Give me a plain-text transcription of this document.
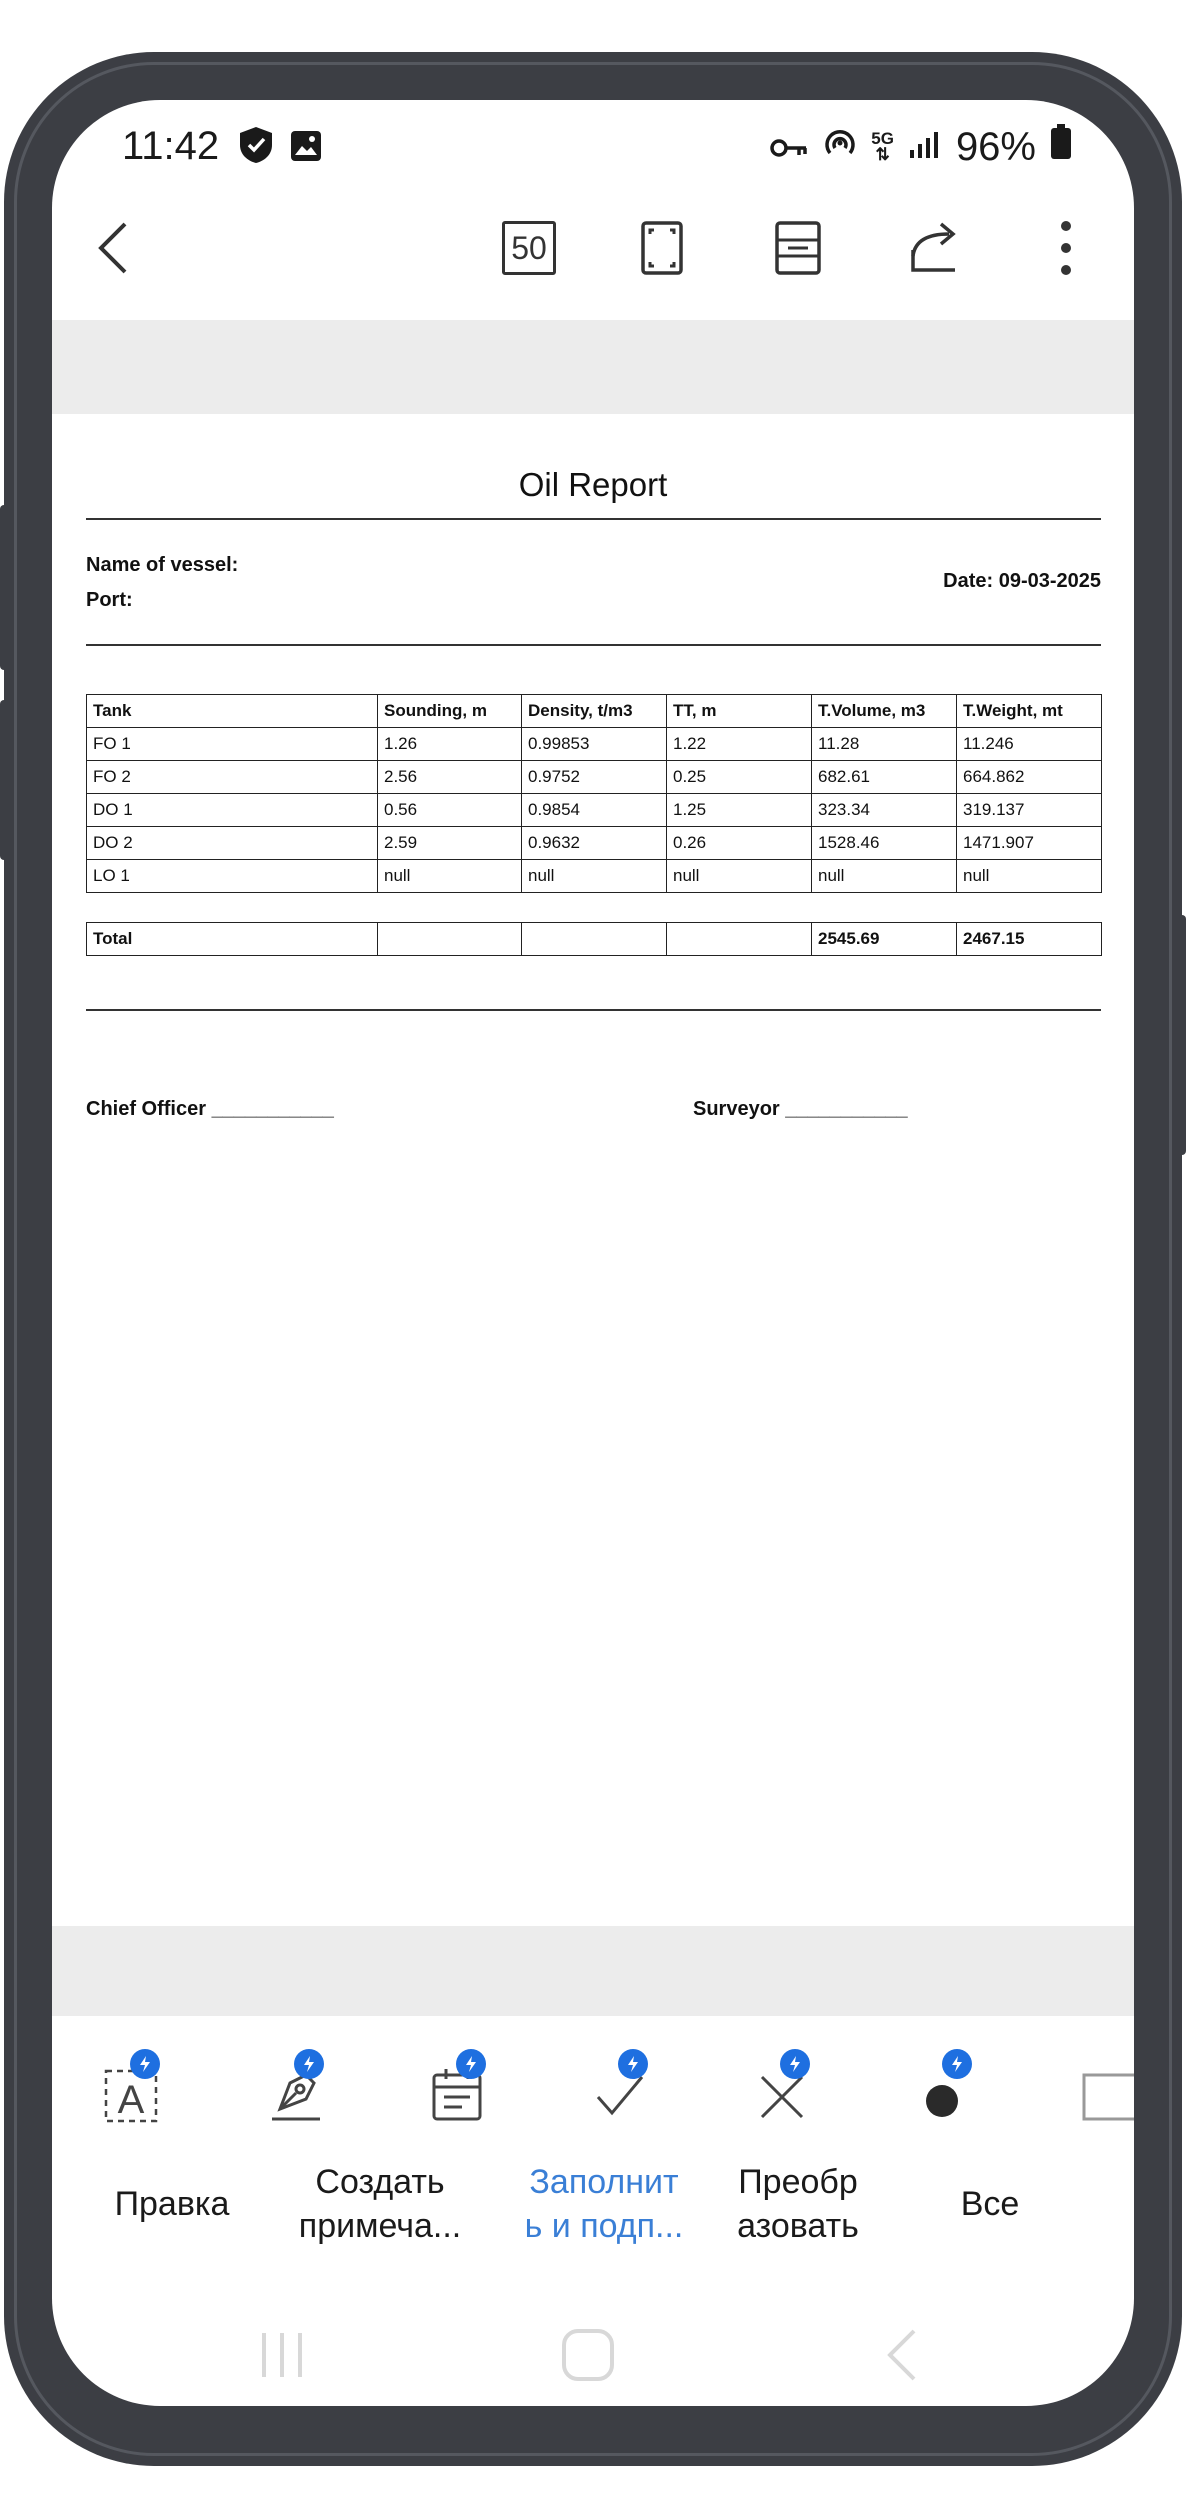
11:42	5G
⇅ 96%
50
Oil Report
Name of vessel:
Port:
Date: 09-03-2025
Tank	Sounding, m	Density, t/m3	TT, m	T.Volume, m3	T.Weight, mt
FO 1	1.26	0.99853	1.22	11.28	11.246
FO 2	2.56	0.9752	0.25	682.61	664.862
DO 1	0.56	0.9854	1.25	323.34	319.137
DO 2	2.59	0.9632	0.26	1528.46	1471.907
LO 1	null	null	null	null	null
Total				2545.69	2467.15
Chief Officer ___________	Surveyor ___________
A
Правка
Создать
примеча...
Заполнит
ь и подп...
Преобр
азовать
Все
